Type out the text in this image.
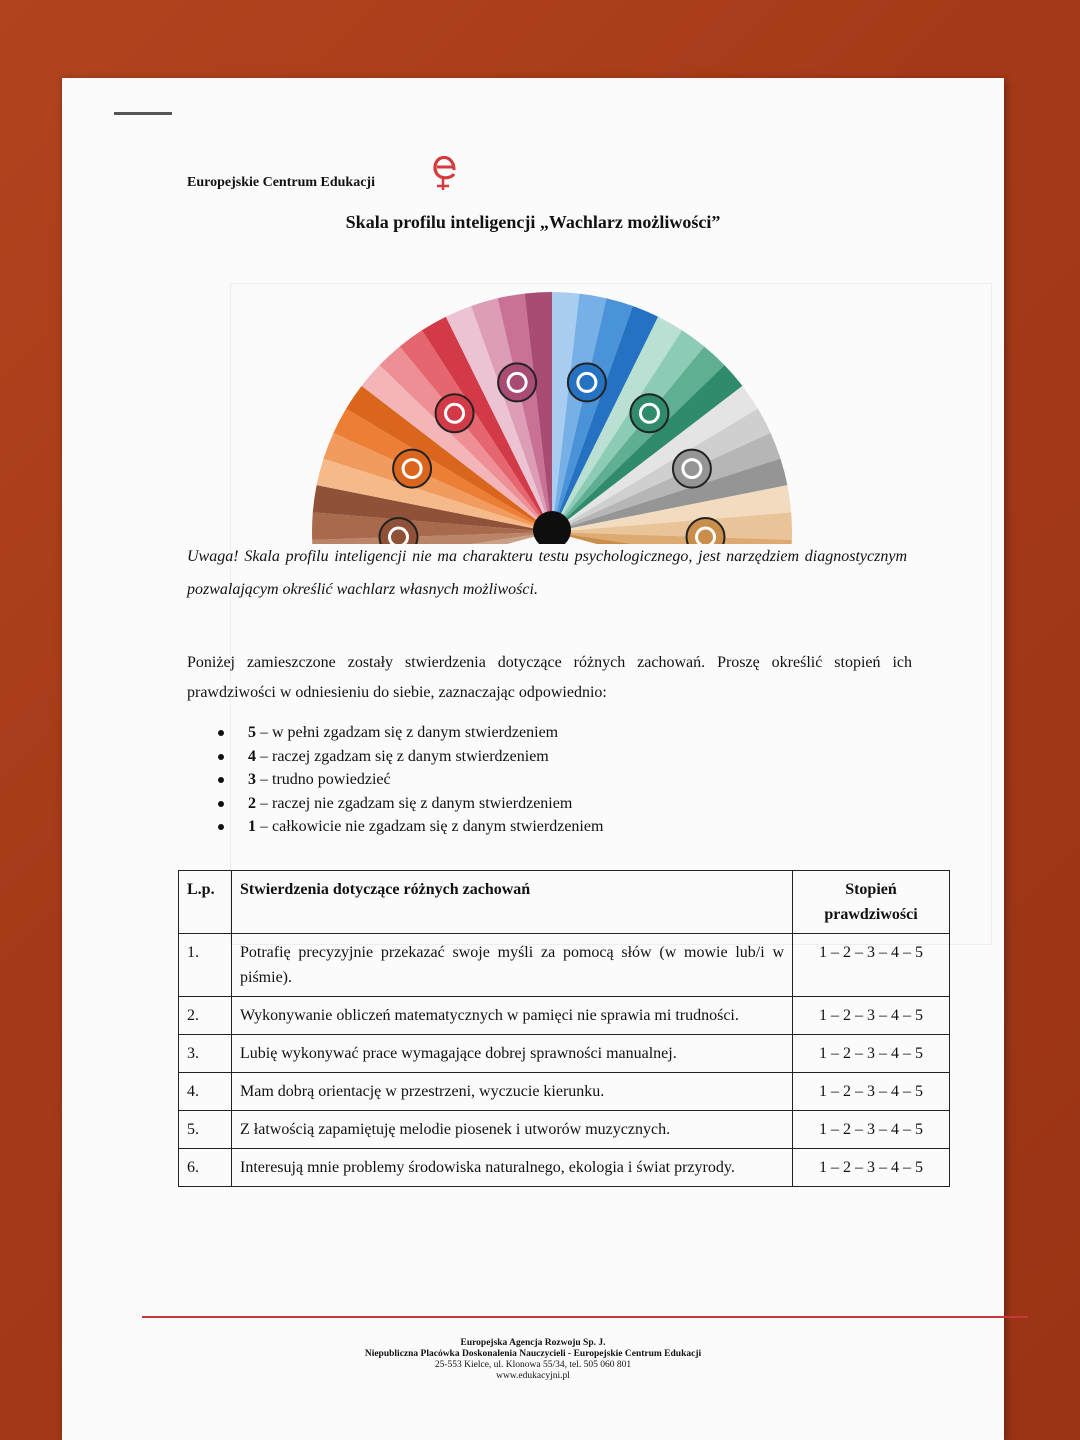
Europejskie Centrum Edukacji
Skala profilu inteligencji „Wachlarz możliwości”
Uwaga! Skala profilu inteligencji nie ma charakteru testu psychologicznego, jest narzędziem diagnostycznym pozwalającym określić wachlarz własnych możliwości.
Poniżej zamieszczone zostały stwierdzenia dotyczące różnych zachowań. Proszę określić stopień ich prawdziwości w odniesieniu do siebie, zaznaczając odpowiednio:
5 – w pełni zgadzam się z danym stwierdzeniem
4 – raczej zgadzam się z danym stwierdzeniem
3 – trudno powiedzieć
2 – raczej nie zgadzam się z danym stwierdzeniem
1 – całkowicie nie zgadzam się z danym stwierdzeniem
L.p.	Stwierdzenia dotyczące różnych zachowań	Stopień prawdziwości
1.	Potrafię precyzyjnie przekazać swoje myśli za pomocą słów (w mowie lub/i w piśmie).	1 – 2 – 3 – 4 – 5
2.	Wykonywanie obliczeń matematycznych w pamięci nie sprawia mi trudności.	1 – 2 – 3 – 4 – 5
3.	Lubię wykonywać prace wymagające dobrej sprawności manualnej.	1 – 2 – 3 – 4 – 5
4.	Mam dobrą orientację w przestrzeni, wyczucie kierunku.	1 – 2 – 3 – 4 – 5
5.	Z łatwością zapamiętuję melodie piosenek i utworów muzycznych.	1 – 2 – 3 – 4 – 5
6.	Interesują mnie problemy środowiska naturalnego, ekologia i świat przyrody.	1 – 2 – 3 – 4 – 5
Europejska Agencja Rozwoju Sp. J.
Niepubliczna Placówka Doskonalenia Nauczycieli - Europejskie Centrum Edukacji
25-553 Kielce, ul. Klonowa 55/34, tel. 505 060 801
www.edukacyjni.pl
